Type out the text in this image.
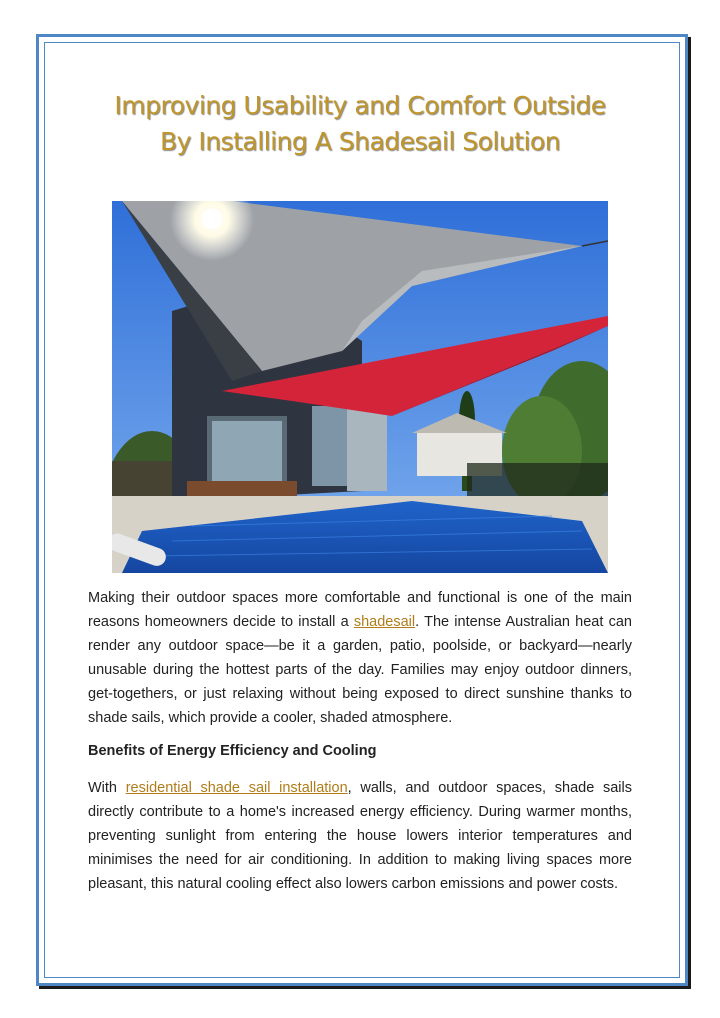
Improving Usability and Comfort Outside
By Installing A Shadesail Solution

Making their outdoor spaces more comfortable and functional is one of the main reasons homeowners decide to install a shadesail. The intense Australian heat can render any outdoor space—be it a garden, patio, poolside, or backyard—nearly unusable during the hottest parts of the day. Families may enjoy outdoor dinners, get-togethers, or just relaxing without being exposed to direct sunshine thanks to shade sails, which provide a cooler, shaded atmosphere.

Benefits of Energy Efficiency and Cooling

With residential shade sail installation, walls, and outdoor spaces, shade sails directly contribute to a home's increased energy efficiency. During warmer months, preventing sunlight from entering the house lowers interior temperatures and minimises the need for air conditioning. In addition to making living spaces more pleasant, this natural cooling effect also lowers carbon emissions and power costs.
